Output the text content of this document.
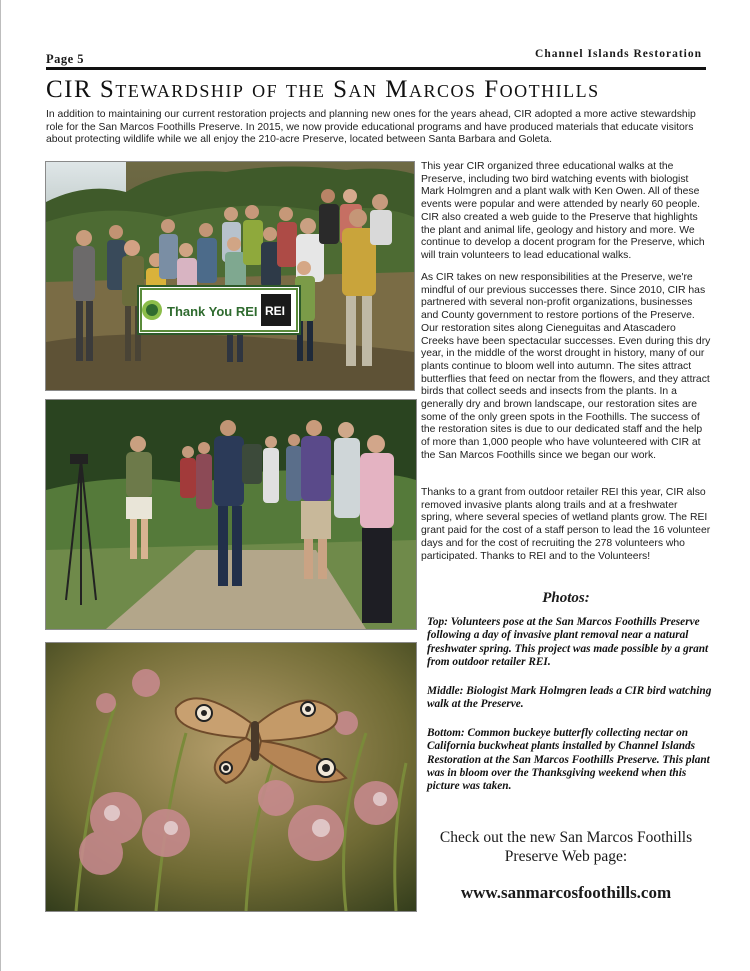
Page 5	Channel Islands Restoration
CIR Stewardship of the San Marcos Foothills
In addition to maintaining our current restoration projects and planning new ones for the years ahead, CIR adopted a more active stewardship role for the San Marcos Foothills Preserve. In 2015, we now provide educational programs and have produced materials that educate visitors about protecting wildlife while we all enjoy the 210-acre Preserve, located between Santa Barbara and Goleta.
Thank You REI REI

This year CIR organized three educational walks at the Preserve, including two bird watching events with biologist Mark Holmgren and a plant walk with Ken Owen. All of these events were popular and were attended by nearly 60 people. CIR also created a web guide to the Preserve that highlights the plant and animal life, geology and history and more. We continue to develop a docent program for the Preserve, which will train volunteers to lead educational walks.

As CIR takes on new responsibilities at the Preserve, we're mindful of our previous successes there. Since 2010, CIR has partnered with several non-profit organizations, businesses and County government to restore portions of the Preserve. Our restoration sites along Cieneguitas and Atascadero Creeks have been spectacular successes. Even during this dry year, in the middle of the worst drought in history, many of our plants continue to bloom well into autumn. The sites attract butterflies that feed on nectar from the flowers, and they attract birds that collect seeds and insects from the plants. In a generally dry and brown landscape, our restoration sites are some of the only green spots in the Foothills. The success of the restoration sites is due to our dedicated staff and the help of more than 1,000 people who have volunteered with CIR at the San Marcos Foothills since we began our work.

Thanks to a grant from outdoor retailer REI this year, CIR also removed invasive plants along trails and at a freshwater spring, where several species of wetland plants grow. The REI grant paid for the cost of a staff person to lead the 16 volunteer days and for the cost of recruiting the 278 volunteers who participated. Thanks to REI and to the Volunteers!

Photos:
Top: Volunteers pose at the San Marcos Foothills Preserve following a day of invasive plant removal near a natural freshwater spring. This project was made possible by a grant from outdoor retailer REI.
Middle: Biologist Mark Holmgren leads a CIR bird watching walk at the Preserve.
Bottom: Common buckeye butterfly collecting nectar on California buckwheat plants installed by Channel Islands Restoration at the San Marcos Foothills Preserve. This plant was in bloom over the Thanksgiving weekend when this picture was taken.
Check out the new San Marcos Foothills Preserve Web page:
www.sanmarcosfoothills.com
